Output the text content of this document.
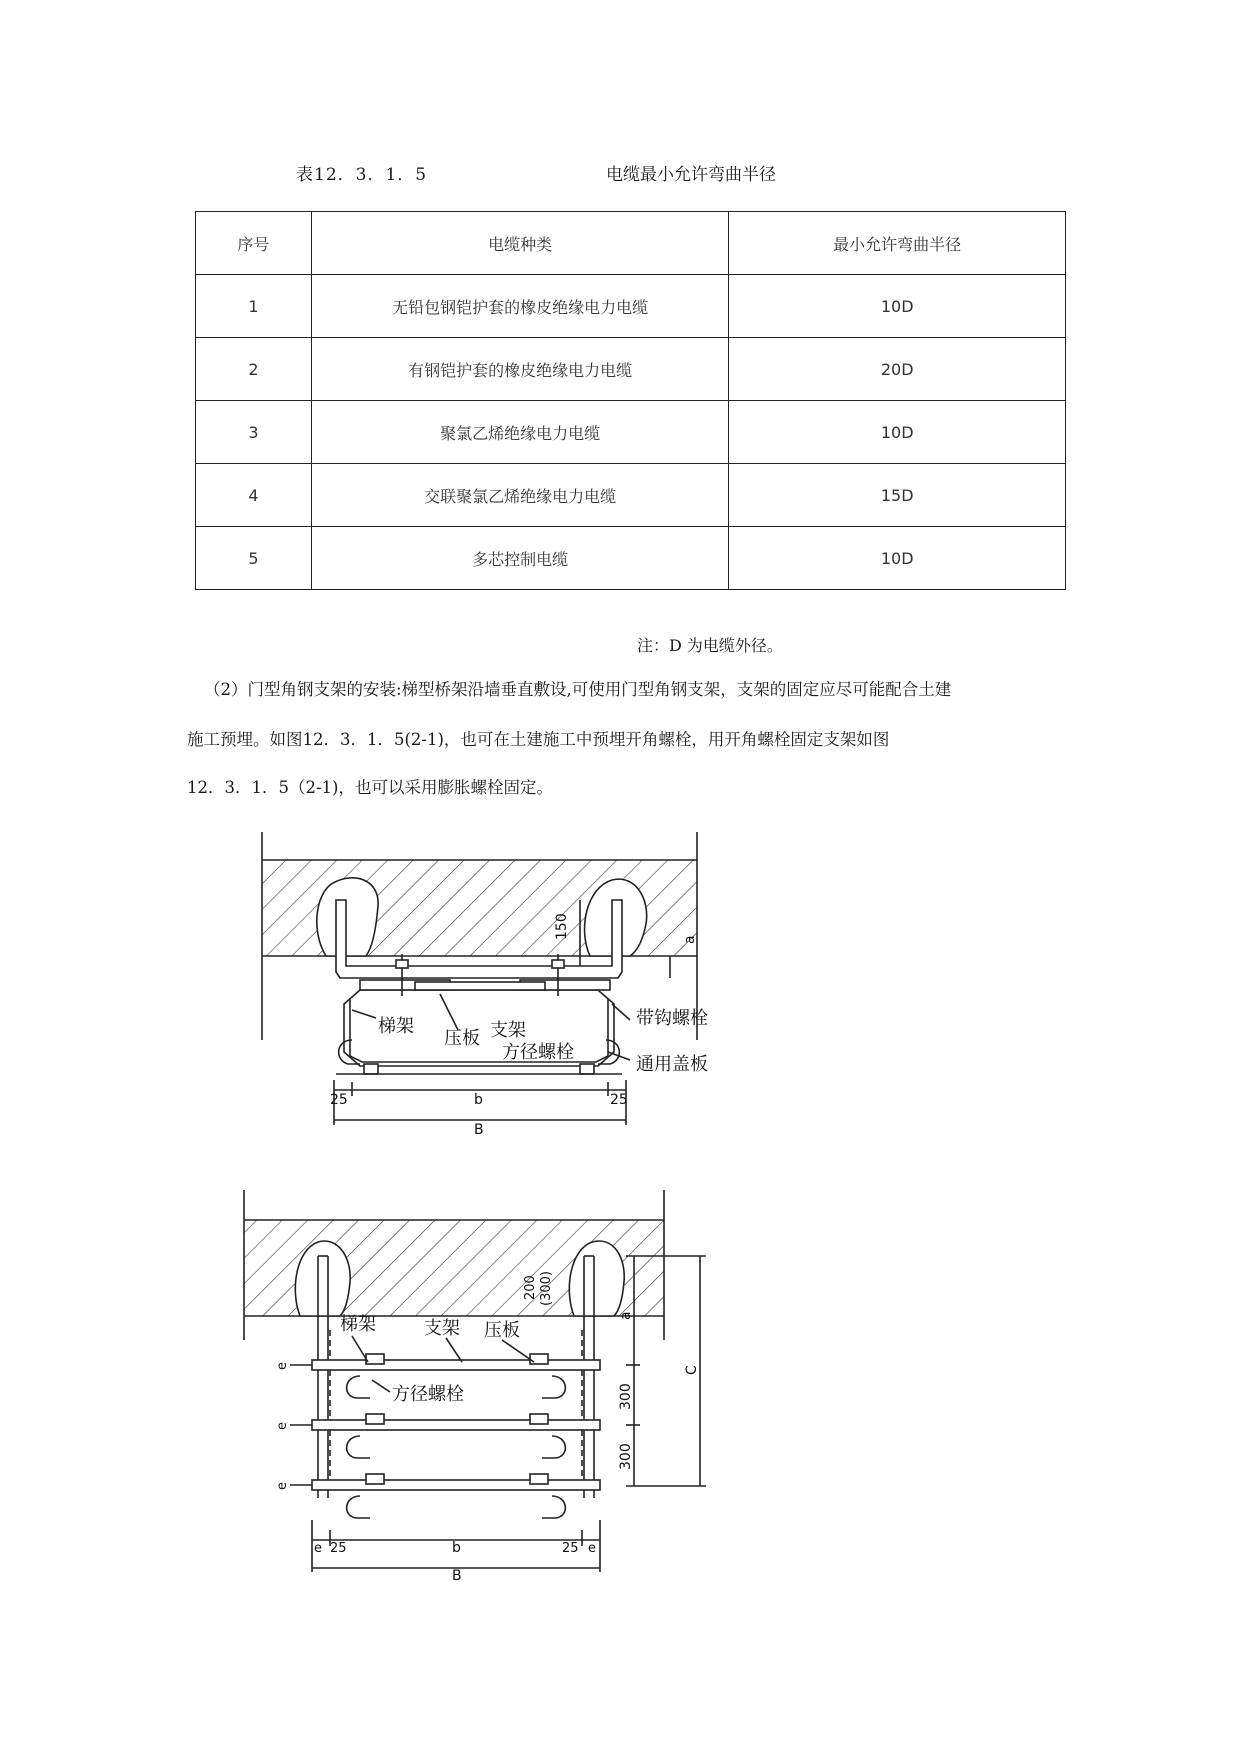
表12．3．1．5	电缆最小允许弯曲半径
序号	电缆种类	最小允许弯曲半径
1	无铅包钢铠护套的橡皮绝缘电力电缆	10D
2	有钢铠护套的橡皮绝缘电力电缆	20D
3	聚氯乙烯绝缘电力电缆	10D
4	交联聚氯乙烯绝缘电力电缆	15D
5	多芯控制电缆	10D
注：D 为电缆外径。
（2）门型角钢支架的安装:梯型桥架沿墙垂直敷设,可使用门型角钢支架，支架的固定应尽可能配合土建
施工预埋。如图12．3．1．5(2-1)，也可在土建施工中预埋开角螺栓，用开角螺栓固定支架如图
12．3．1．5（2-1)，也可以采用膨胀螺栓固定。
梯架
压板 支架
方径螺栓
带钩螺栓
通用盖板
150	a
25	b	25
B
梯架	支架 压板
方径螺栓
200 (300)
a
300
300
C
e
e
e
e 25	b	25 e
B
